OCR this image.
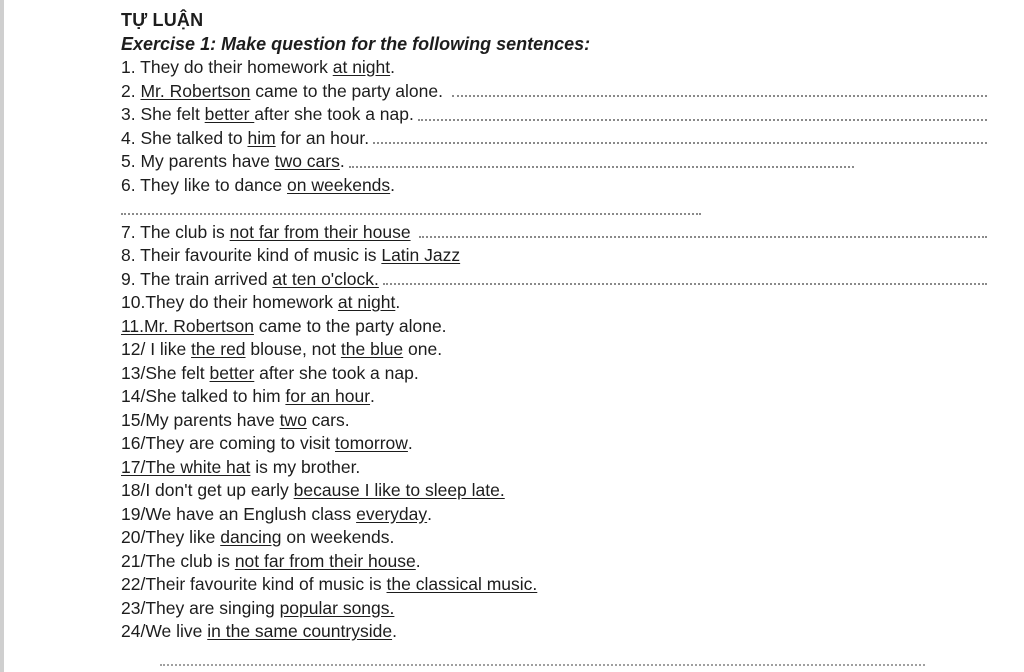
TỰ LUẬN
Exercise 1: Make question for the following sentences:
1. They do their homework at night .
2. Mr. Robertson came to the party alone.
3. She felt better after she took a nap.
4. She talked to him for an hour.
5. My parents have two cars .
6. They like to dance on weekends .
7. The club is not far from their house

8. Their favourite kind of music is Latin Jazz
9. The train arrived at ten o'clock.
10.They do their homework at night .
11.Mr. Robertson came to the party alone.
12/ I like the red blouse, not the blue one.
13/She felt better after she took a nap.
14/She talked to him for an hour .
15/My parents have two cars.
16/They are coming to visit tomorrow .
17/The white hat is my brother.
18/I don't get up early because I like to sleep late.
19/We have an Englush class everyday .
20/They like dancing on weekends.
21/The club is not far from their house .
22/Their favourite kind of music is the classical music.
23/They are singing popular songs.
24/We live in the same countryside .
